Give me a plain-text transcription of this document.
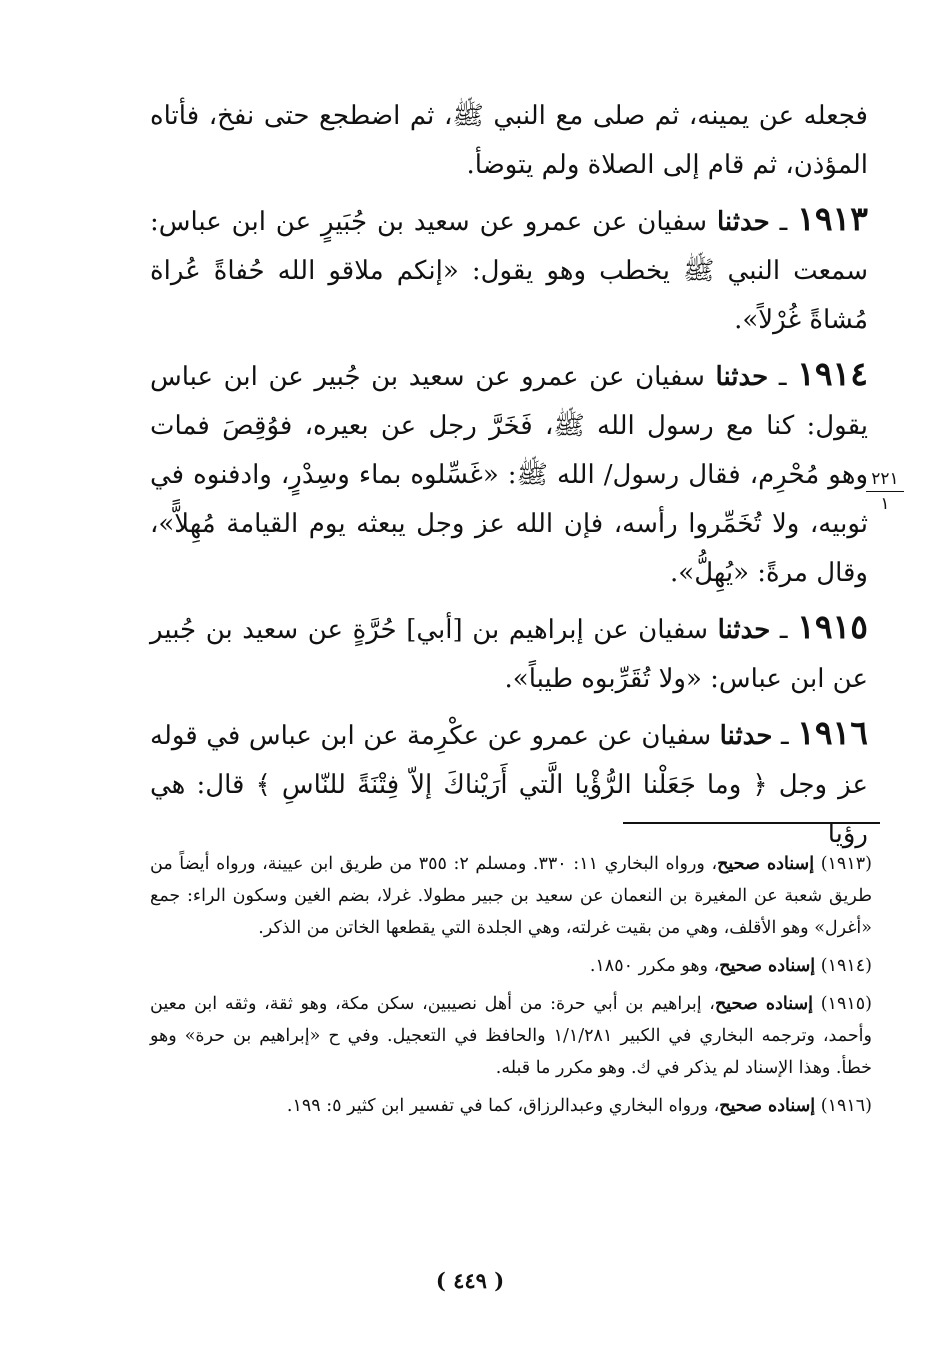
فجعله عن يمينه، ثم صلى مع النبي ﷺ، ثم اضطجع حتى نفخ، فأتاه المؤذن، ثم قام إلى الصلاة ولم يتوضأ.

١٩١٣ ـ حدثنا سفيان عن عمرو عن سعيد بن جُبَيرٍ عن ابن عباس: سمعت النبي ﷺ يخطب وهو يقول: «إنكم ملاقو الله حُفاةً عُراة مُشاةً غُرْلاً».

١٩١٤ ـ حدثنا سفيان عن عمرو عن سعيد بن جُبير عن ابن عباس يقول: كنا مع رسول الله ﷺ، فَخَرَّ رجل عن بعيره، فوُقِصَ فمات وهو مُحْرِم، فقال رسول/ الله ﷺ: «غَسِّلوه بماء وسِدْرٍ، وادفنوه في ثوبيه، ولا تُخَمِّروا رأسه، فإن الله عز وجل يبعثه يوم القيامة مُهِلاًّ»، وقال مرةً: «يُهِلُّ».

١٩١٥ ـ حدثنا سفيان عن إبراهيم بن [أبي] حُرَّةٍ عن سعيد بن جُبير عن ابن عباس: «ولا تُقَرِّبوه طيباً».

١٩١٦ ـ حدثنا سفيان عن عمرو عن عكْرِمة عن ابن عباس في قوله عز وجل ﴿ وما جَعَلْنا الرُّؤْيا الَّتي أَرَيْناكَ إلاّ فِتْنَةً للنّاسِ ﴾ قال: هي رؤيا

٢٢١
١

(١٩١٣) إسناده صحيح، ورواه البخاري ١١: ٣٣٠. ومسلم ٢: ٣٥٥ من طريق ابن عيينة، ورواه أيضاً من طريق شعبة عن المغيرة بن النعمان عن سعيد بن جبير مطولا. غرلا، بضم الغين وسكون الراء: جمع «أغرل» وهو الأقلف، وهي من بقيت غرلته، وهي الجلدة التي يقطعها الخاتن من الذكر.

(١٩١٤) إسناده صحيح، وهو مكرر ١٨٥٠.

(١٩١٥) إسناده صحيح، إبراهيم بن أبي حرة: من أهل نصيبين، سكن مكة، وهو ثقة، وثقه ابن معين وأحمد، وترجمه البخاري في الكبير ١/١/٢٨١ والحافظ في التعجيل. وفي ح «إبراهيم بن حرة» وهو خطأ. وهذا الإسناد لم يذكر في ك. وهو مكرر ما قبله.

(١٩١٦) إسناده صحيح، ورواه البخاري وعبدالرزاق، كما في تفسير ابن كثير ٥: ١٩٩.

( ٤٤٩ )
